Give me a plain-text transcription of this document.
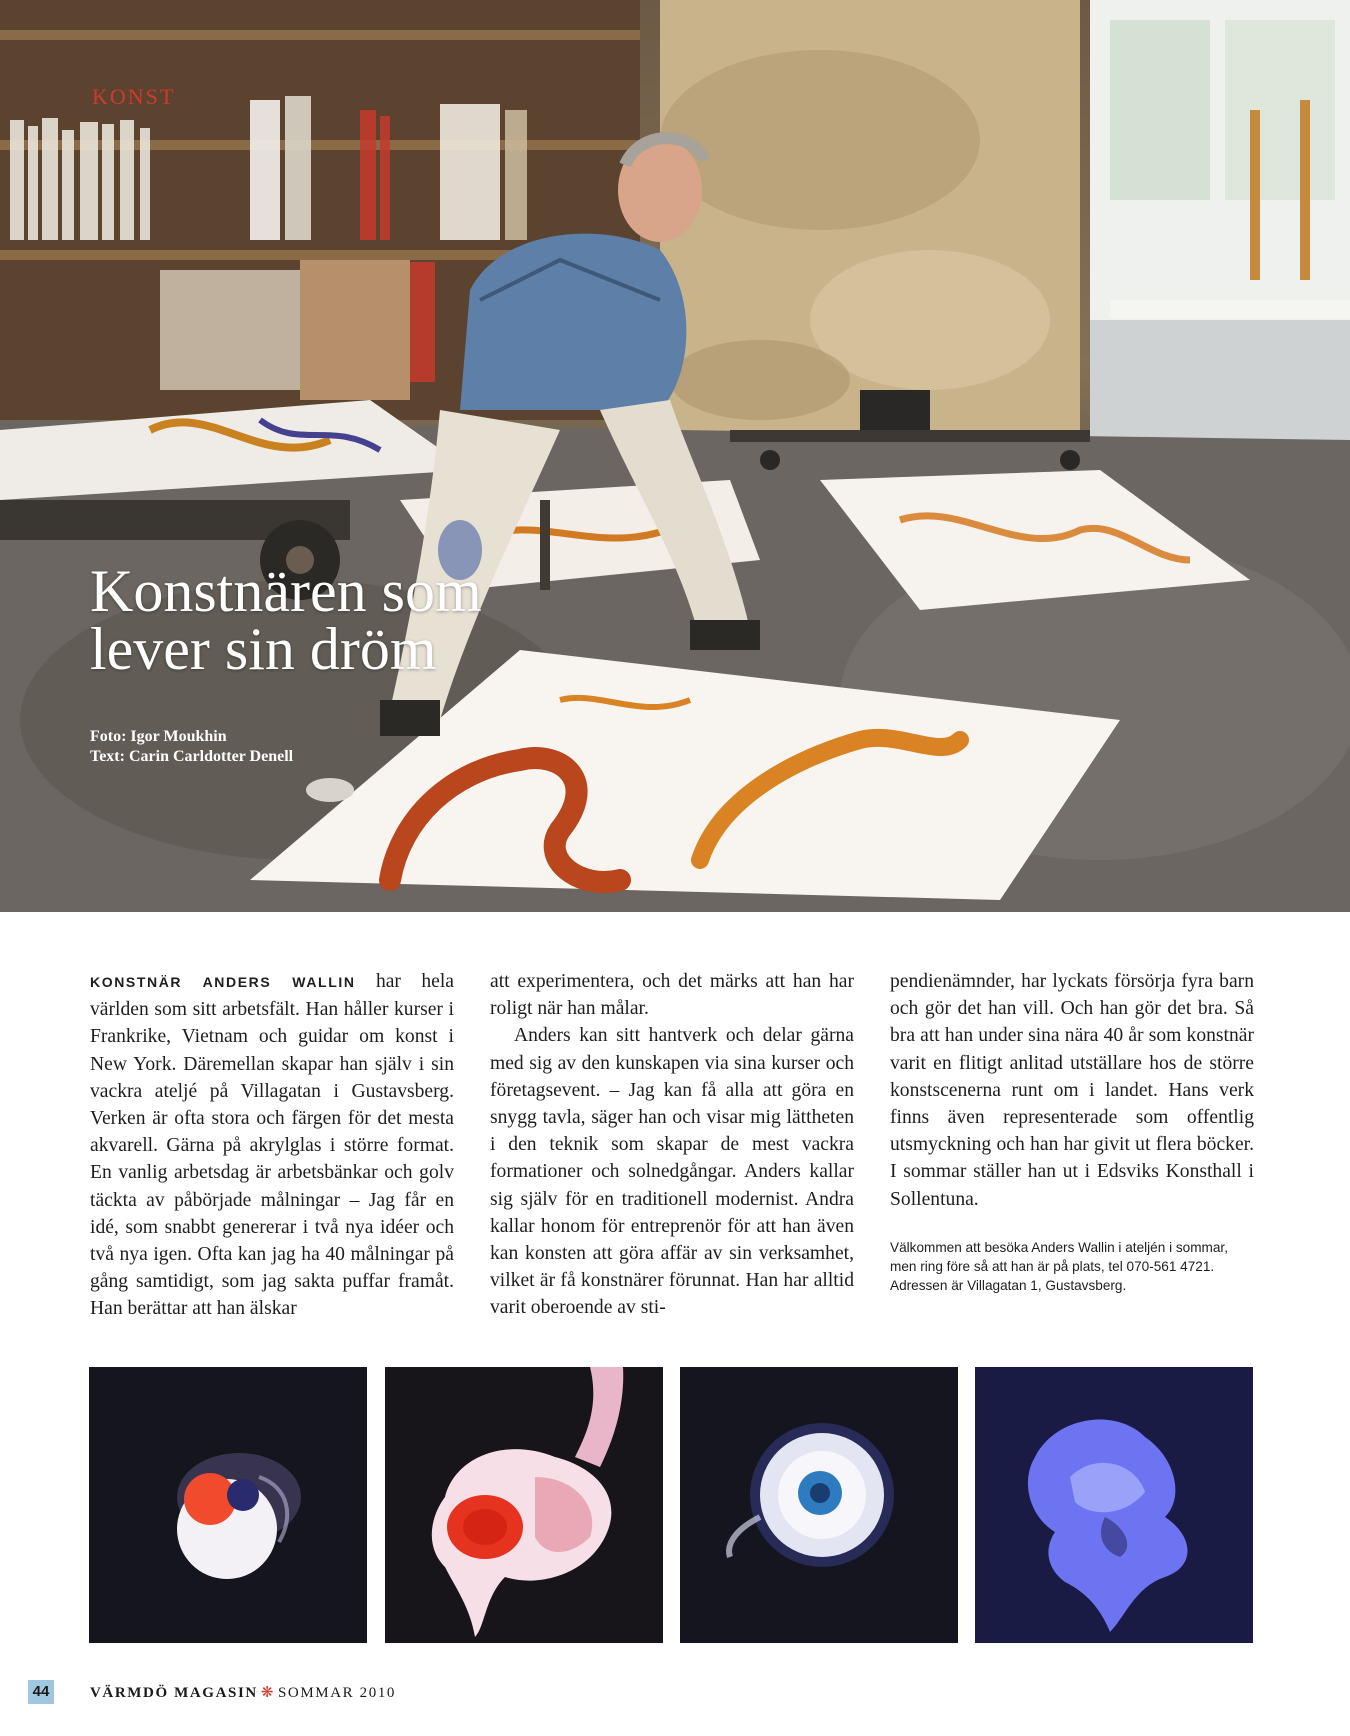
KONST
Konstnären som
lever sin dröm
Foto: Igor Moukhin
Text: Carin Carldotter Denell

KONSTNÄR ANDERS WALLIN har hela världen som sitt arbetsfält. Han håller kurser i Frankrike, Vietnam och guidar om konst i New York. Däremellan skapar han själv i sin vackra ateljé på Villagatan i Gustavsberg. Verken är ofta stora och färgen för det mesta akvarell. Gärna på akrylglas i större format. En vanlig arbetsdag är arbetsbänkar och golv täckta av påbörjade målningar – Jag får en idé, som snabbt genererar i två nya idéer och två nya igen. Ofta kan jag ha 40 målningar på gång samtidigt, som jag sakta puffar framåt. Han berättar att han älskar

att experimentera, och det märks att han har roligt när han målar.

Anders kan sitt hantverk och delar gärna med sig av den kunskapen via sina kurser och företagsevent. – Jag kan få alla att göra en snygg tavla, säger han och visar mig lättheten i den teknik som skapar de mest vackra formationer och solnedgångar. Anders kallar sig själv för en traditionell modernist. Andra kallar honom för entreprenör för att han även kan konsten att göra affär av sin verksamhet, vilket är få konstnärer förunnat. Han har alltid varit oberoende av sti-

pendienämnder, har lyckats försörja fyra barn och gör det han vill. Och han gör det bra. Så bra att han under sina nära 40 år som konstnär varit en flitigt anlitad utställare hos de större konstscenerna runt om i landet. Hans verk finns även representerade som offentlig utsmyckning och han har givit ut flera böcker. I sommar ställer han ut i Edsviks Konsthall i Sollentuna.

Välkommen att besöka Anders Wallin i ateljén i sommar, men ring före så att han är på plats, tel 070-561 4721. Adressen är Villagatan 1, Gustavsberg.
44	VÄRMDÖ MAGASIN ❋ SOMMAR 2010
